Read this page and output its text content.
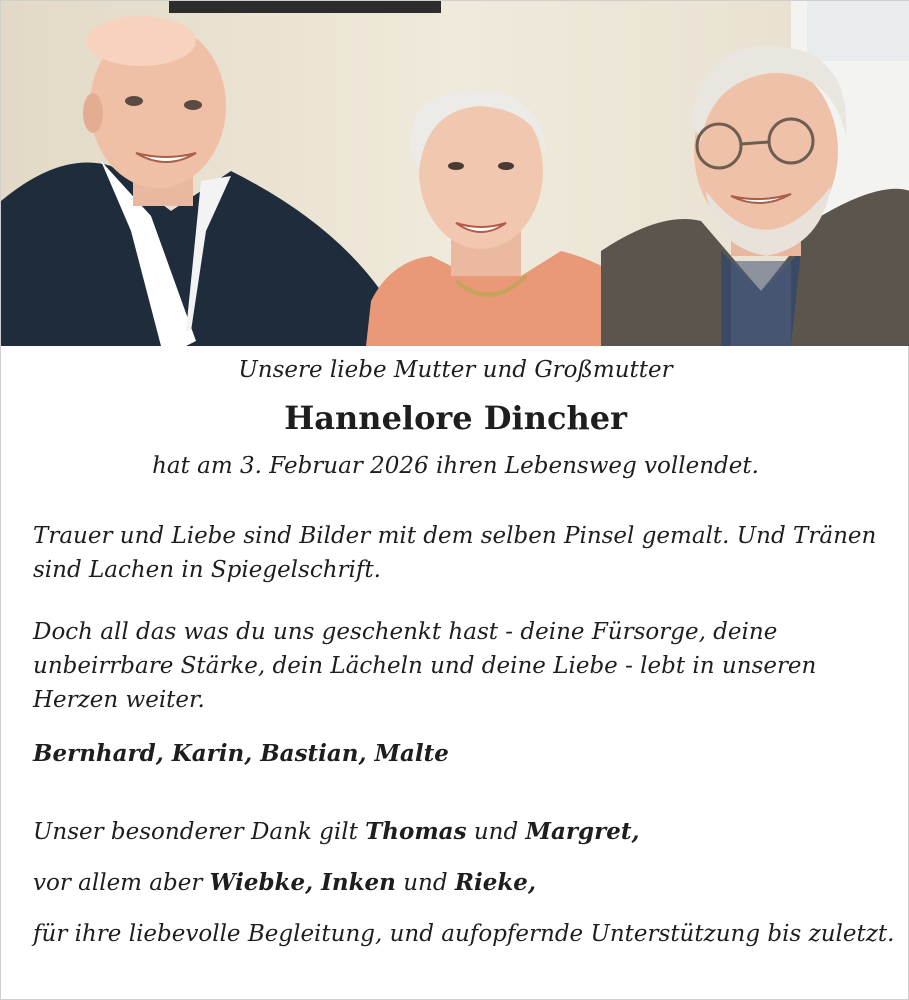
Unsere liebe Mutter und Großmutter
Hannelore Dincher
hat am 3. Februar 2026 ihren Lebensweg vollendet.

Trauer und Liebe sind Bilder mit dem selben Pinsel gemalt. Und Tränen sind Lachen in Spiegelschrift.

Doch all das was du uns geschenkt hast - deine Fürsorge, deine unbeirrbare Stärke, dein Lächeln und deine Liebe - lebt in unseren Herzen weiter.

Bernhard, Karin, Bastian, Malte
Unser besonderer Dank gilt Thomas und Margret,
vor allem aber Wiebke, Inken und Rieke,
für ihre liebevolle Begleitung, und aufopfernde Unterstützung bis zuletzt.
